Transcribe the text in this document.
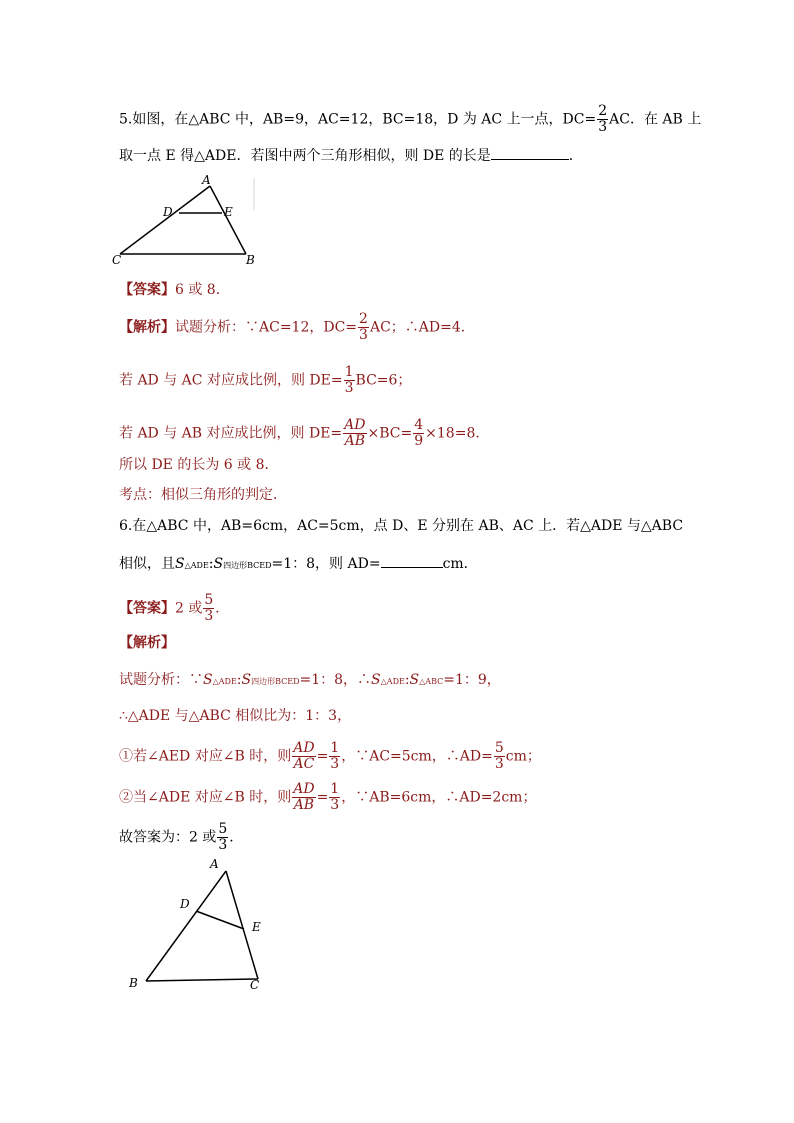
5.如图，在△ABC 中，AB=9，AC=12，BC=18，D 为 AC 上一点，$DC= \frac{2}{3}$ AC．在 AB 上
取一点 E 得△ADE．若图中两个三角形相似，则 DE 的长是	．
A
D	E
C	B
【答案】6 或 8．
【解析】试题分析：∵AC=12，$DC= \frac{2}{3}$ AC；∴AD=4．
若 AD 与 AC 对应成比例，则 $DE= \frac{1}{3} BC=6$；
若 AD 与 AB 对应成比例，则 $DE= \frac{AD}{AB} \times BC= \frac{4}{9} \times 18=8$．
所以 DE 的长为 6 或 8．
考点：相似三角形的判定．
6.在△ABC 中，AB=6cm，AC=5cm，点 D、E 分别在 AB、AC 上．若△ADE 与△ABC
相似，且S△ADE:S四边形BCED=1：8，则 AD=	cm．
【答案】2 或 $\frac{5}{3}$ ．
【解析】
试题分析：∵S△ADE:S四边形BCED=1：8，∴S△ADE:S△ABC=1：9，
∴△ADE 与△ABC 相似比为：1：3，
①若∠AED 对应∠B 时，则 $\frac{AD}{AC} = \frac{1}{3}$ ，∵AC=5cm，∴AD= $\frac{5}{3}$ cm；
②当∠ADE 对应∠B 时，则 $\frac{AD}{AB} = \frac{1}{3}$ ，∵AB=6cm，∴AD=2cm；
故答案为：2 或 $\frac{5}{3}$ ．
A
D
E
B	C
